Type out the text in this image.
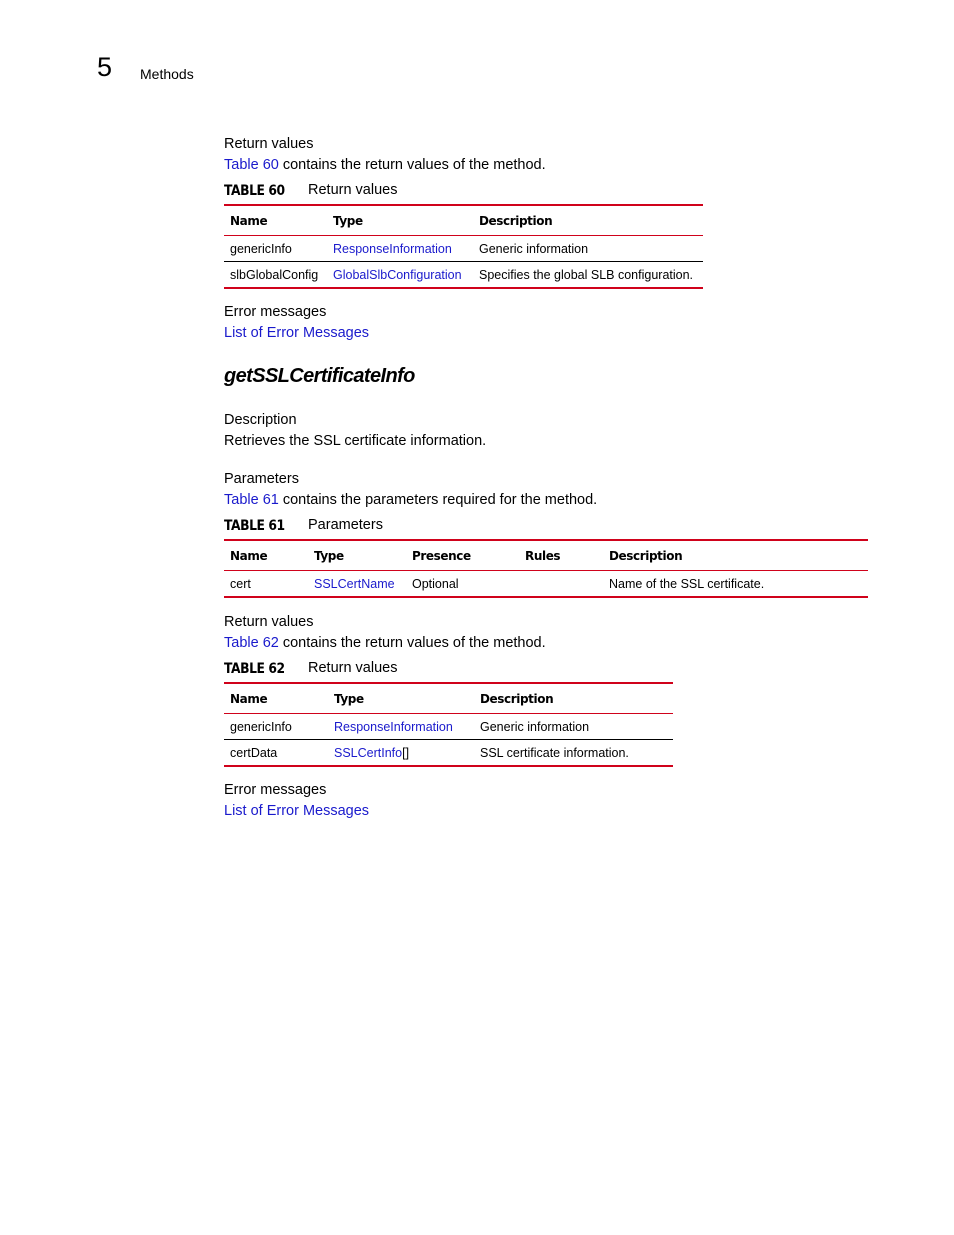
5 Methods
Return values
Table 60 contains the return values of the method.
TABLE 60	Return values
Name	Type	Description
genericInfo	ResponseInformation	Generic information
slbGlobalConfig	GlobalSlbConfiguration	Specifies the global SLB configuration.
Error messages
List of Error Messages
getSSLCertificateInfo
Description
Retrieves the SSL certificate information.
Parameters
Table 61 contains the parameters required for the method.
TABLE 61	Parameters
Name	Type	Presence	Rules	Description
cert	SSLCertName	Optional		Name of the SSL certificate.
Return values
Table 62 contains the return values of the method.
TABLE 62	Return values
Name	Type	Description
genericInfo	ResponseInformation	Generic information
certData	SSLCertInfo[]	SSL certificate information.
Error messages
List of Error Messages
